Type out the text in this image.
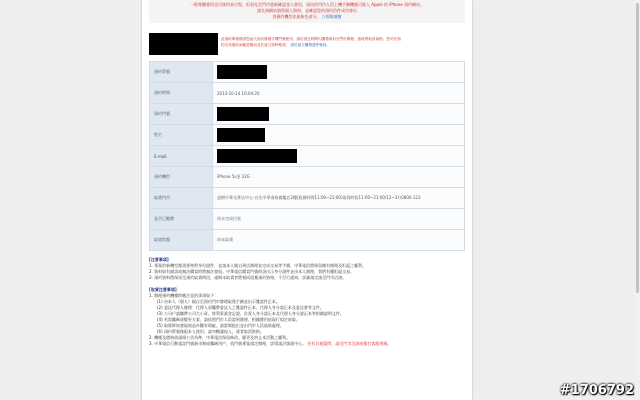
一般專櫃會員也可使用本行程，但須先至門市重新確認登入會員，須由於門市人員上機手續機後可進入 Apple 的 iPhone 預約網站。
請先到網站填寫個人資料，並確認您的預約信件成功寄出
表預約機型非最新色部分。 立即取號窗
此預約單號僅供您當天到店辦理手機門號使用，請於指定時間內攜帶資料至門市辦理，逾時將取消資格。您可於預約完成後收到確認簡訊並於當日按時報到， 請於當日攜帶證件報到。
預約單號	
預約時間	2013-10-14 16:04:20
預約門號	
姓名	
E-mail	
預約機型	iPhone 5s金 32G
取貨門市	凌揚中華光華店中心-台北中華南路旗艦店2樓(服務時間11:00~21:00)取貨時段11:00~21:00/12~3月0800-123
是否已繳費	尚未完成付款
取貨狀態	尚未取貨
[注意事項]

1. 專案的新機型都需要核對身份證件，並請本人親自到店辦理並完成交易等手續，中華電信將保留擁有辦理及拒絕之權利。

2. 資料如有錯誤或無法購買時將無法發放。中華電信購買門號時須出示身分證件並由本人辦理，我們有權拒絕交易。

3. 預約資料將保留至預約取貨時段，逾期未取貨者將視同放棄預約資格，不另行通知，詳細規定請至門市洽詢。

[取貨注意事項]

1. 辦理預約機種時應注意的事項如下：

(1) 由本人（個人）親自至預約門市辦理取貨手續並出示雙證件正本。

(2) 委託代理人辦理：代理人須攜帶委託人之雙證件正本、代理人身分證正本及委託書等文件。

(3) 公司戶請攜帶公司大小章、營利事業登記證、負責人身分證正本及代理人身分證正本等相關證明文件。

(4) 若需攜碼或變更方案，請依照門市人員說明辦理，相關費用依現行規定收取。

(5) 取貨時如發現商品外觀有瑕疵，請當場提出並由門市人員協助處理。

(6) 預約單號僅限本人使用，請勿轉讓他人，違者取消資格。

2. 機種及價格依現場公告為準，中華電信保留修改、變更及終止本活動之權利。

3. 中華電信行動電話門號新申辦或攜碼用戶，依門號專案規定辦理，詳情請洽客服中心。 若有其他疑問，請至門市洽詢或撥打客服專線。

#1706792
